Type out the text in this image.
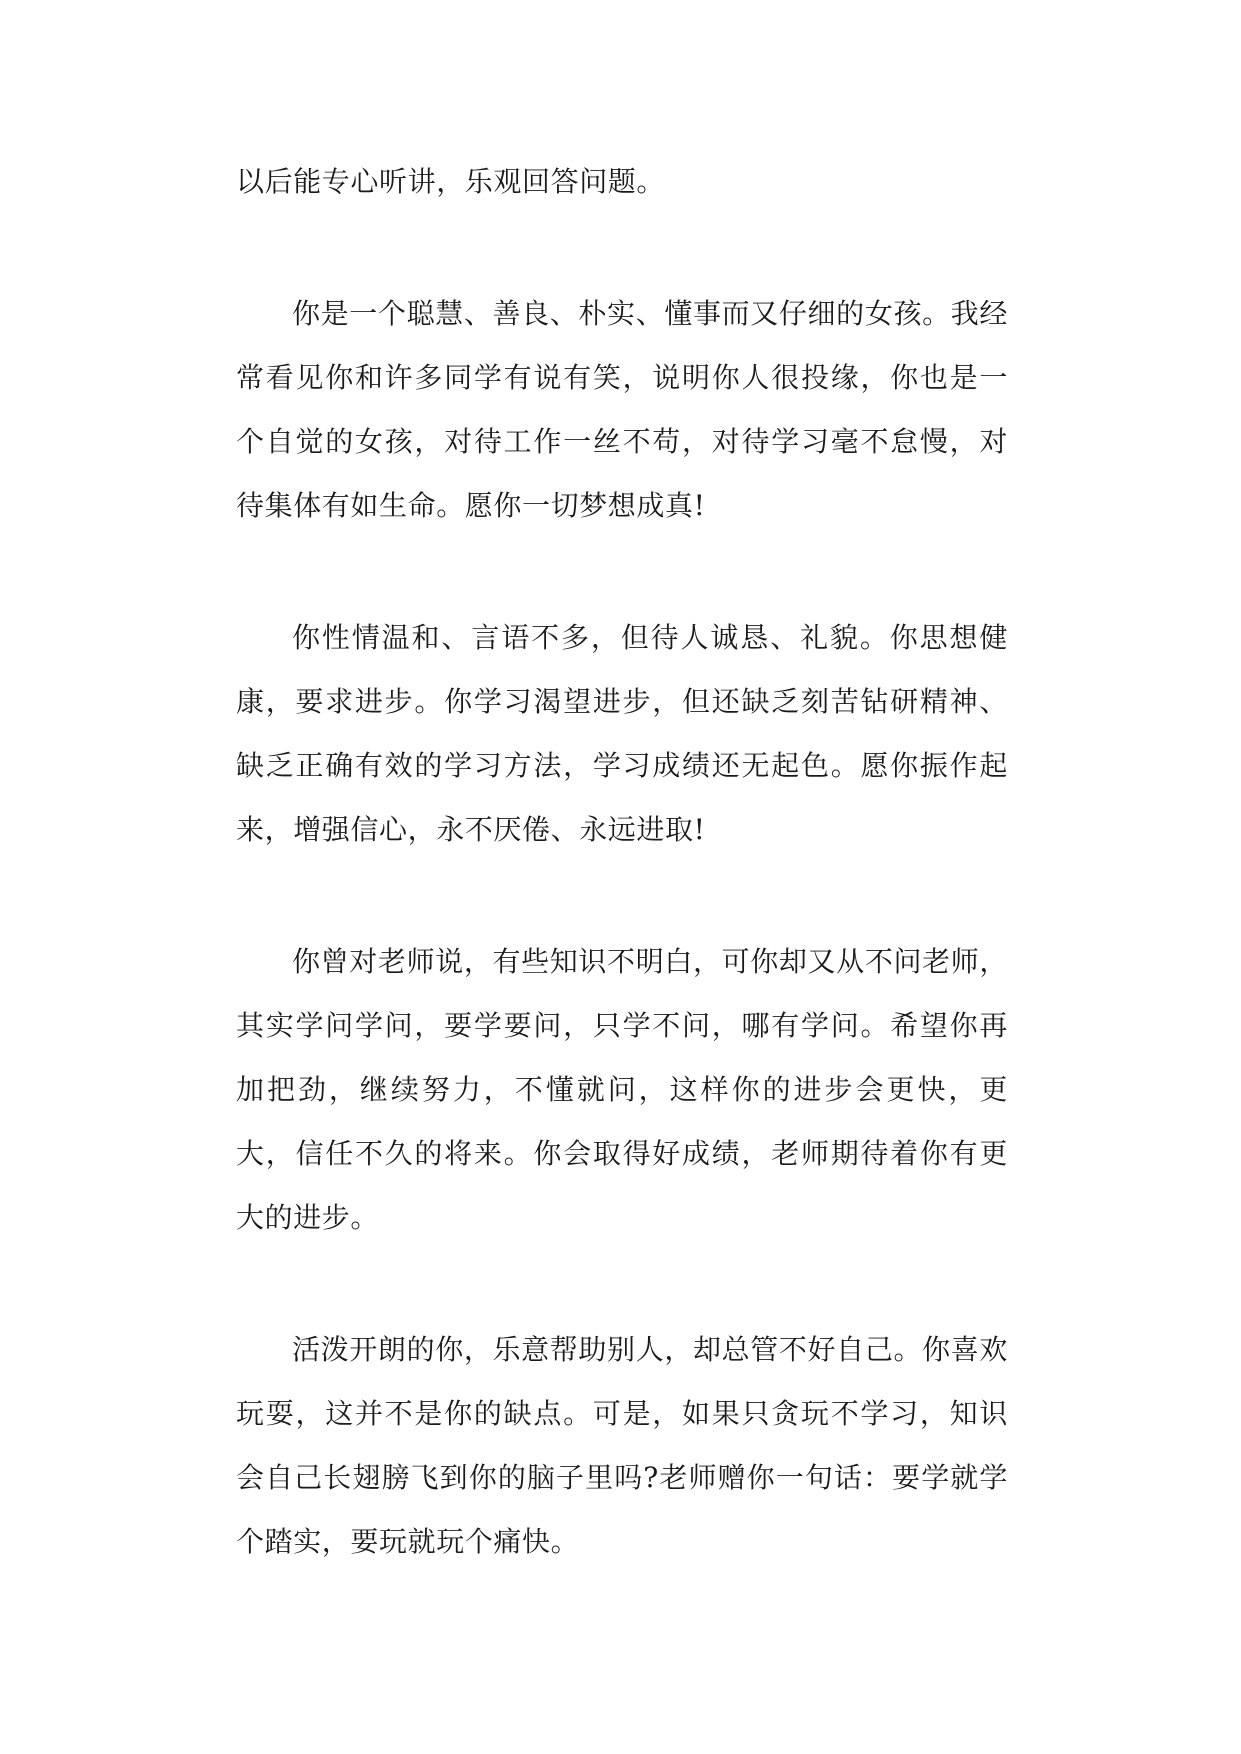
以后能专心听讲，乐观回答问题。

你是一个聪慧、善良、朴实、懂事而又仔细的女孩。我经常看见你和许多同学有说有笑，说明你人很投缘，你也是一个自觉的女孩，对待工作一丝不苟，对待学习毫不怠慢，对待集体有如生命。愿你一切梦想成真!

你性情温和、言语不多，但待人诚恳、礼貌。你思想健康，要求进步。你学习渴望进步，但还缺乏刻苦钻研精神、缺乏正确有效的学习方法，学习成绩还无起色。愿你振作起来，增强信心，永不厌倦、永远进取!

你曾对老师说，有些知识不明白，可你却又从不问老师，其实学问学问，要学要问，只学不问，哪有学问。希望你再加把劲，继续努力，不懂就问，这样你的进步会更快，更大，信任不久的将来。你会取得好成绩，老师期待着你有更大的进步。

活泼开朗的你，乐意帮助别人，却总管不好自己。你喜欢玩耍，这并不是你的缺点。可是，如果只贪玩不学习，知识会自己长翅膀飞到你的脑子里吗?老师赠你一句话：要学就学个踏实，要玩就玩个痛快。
